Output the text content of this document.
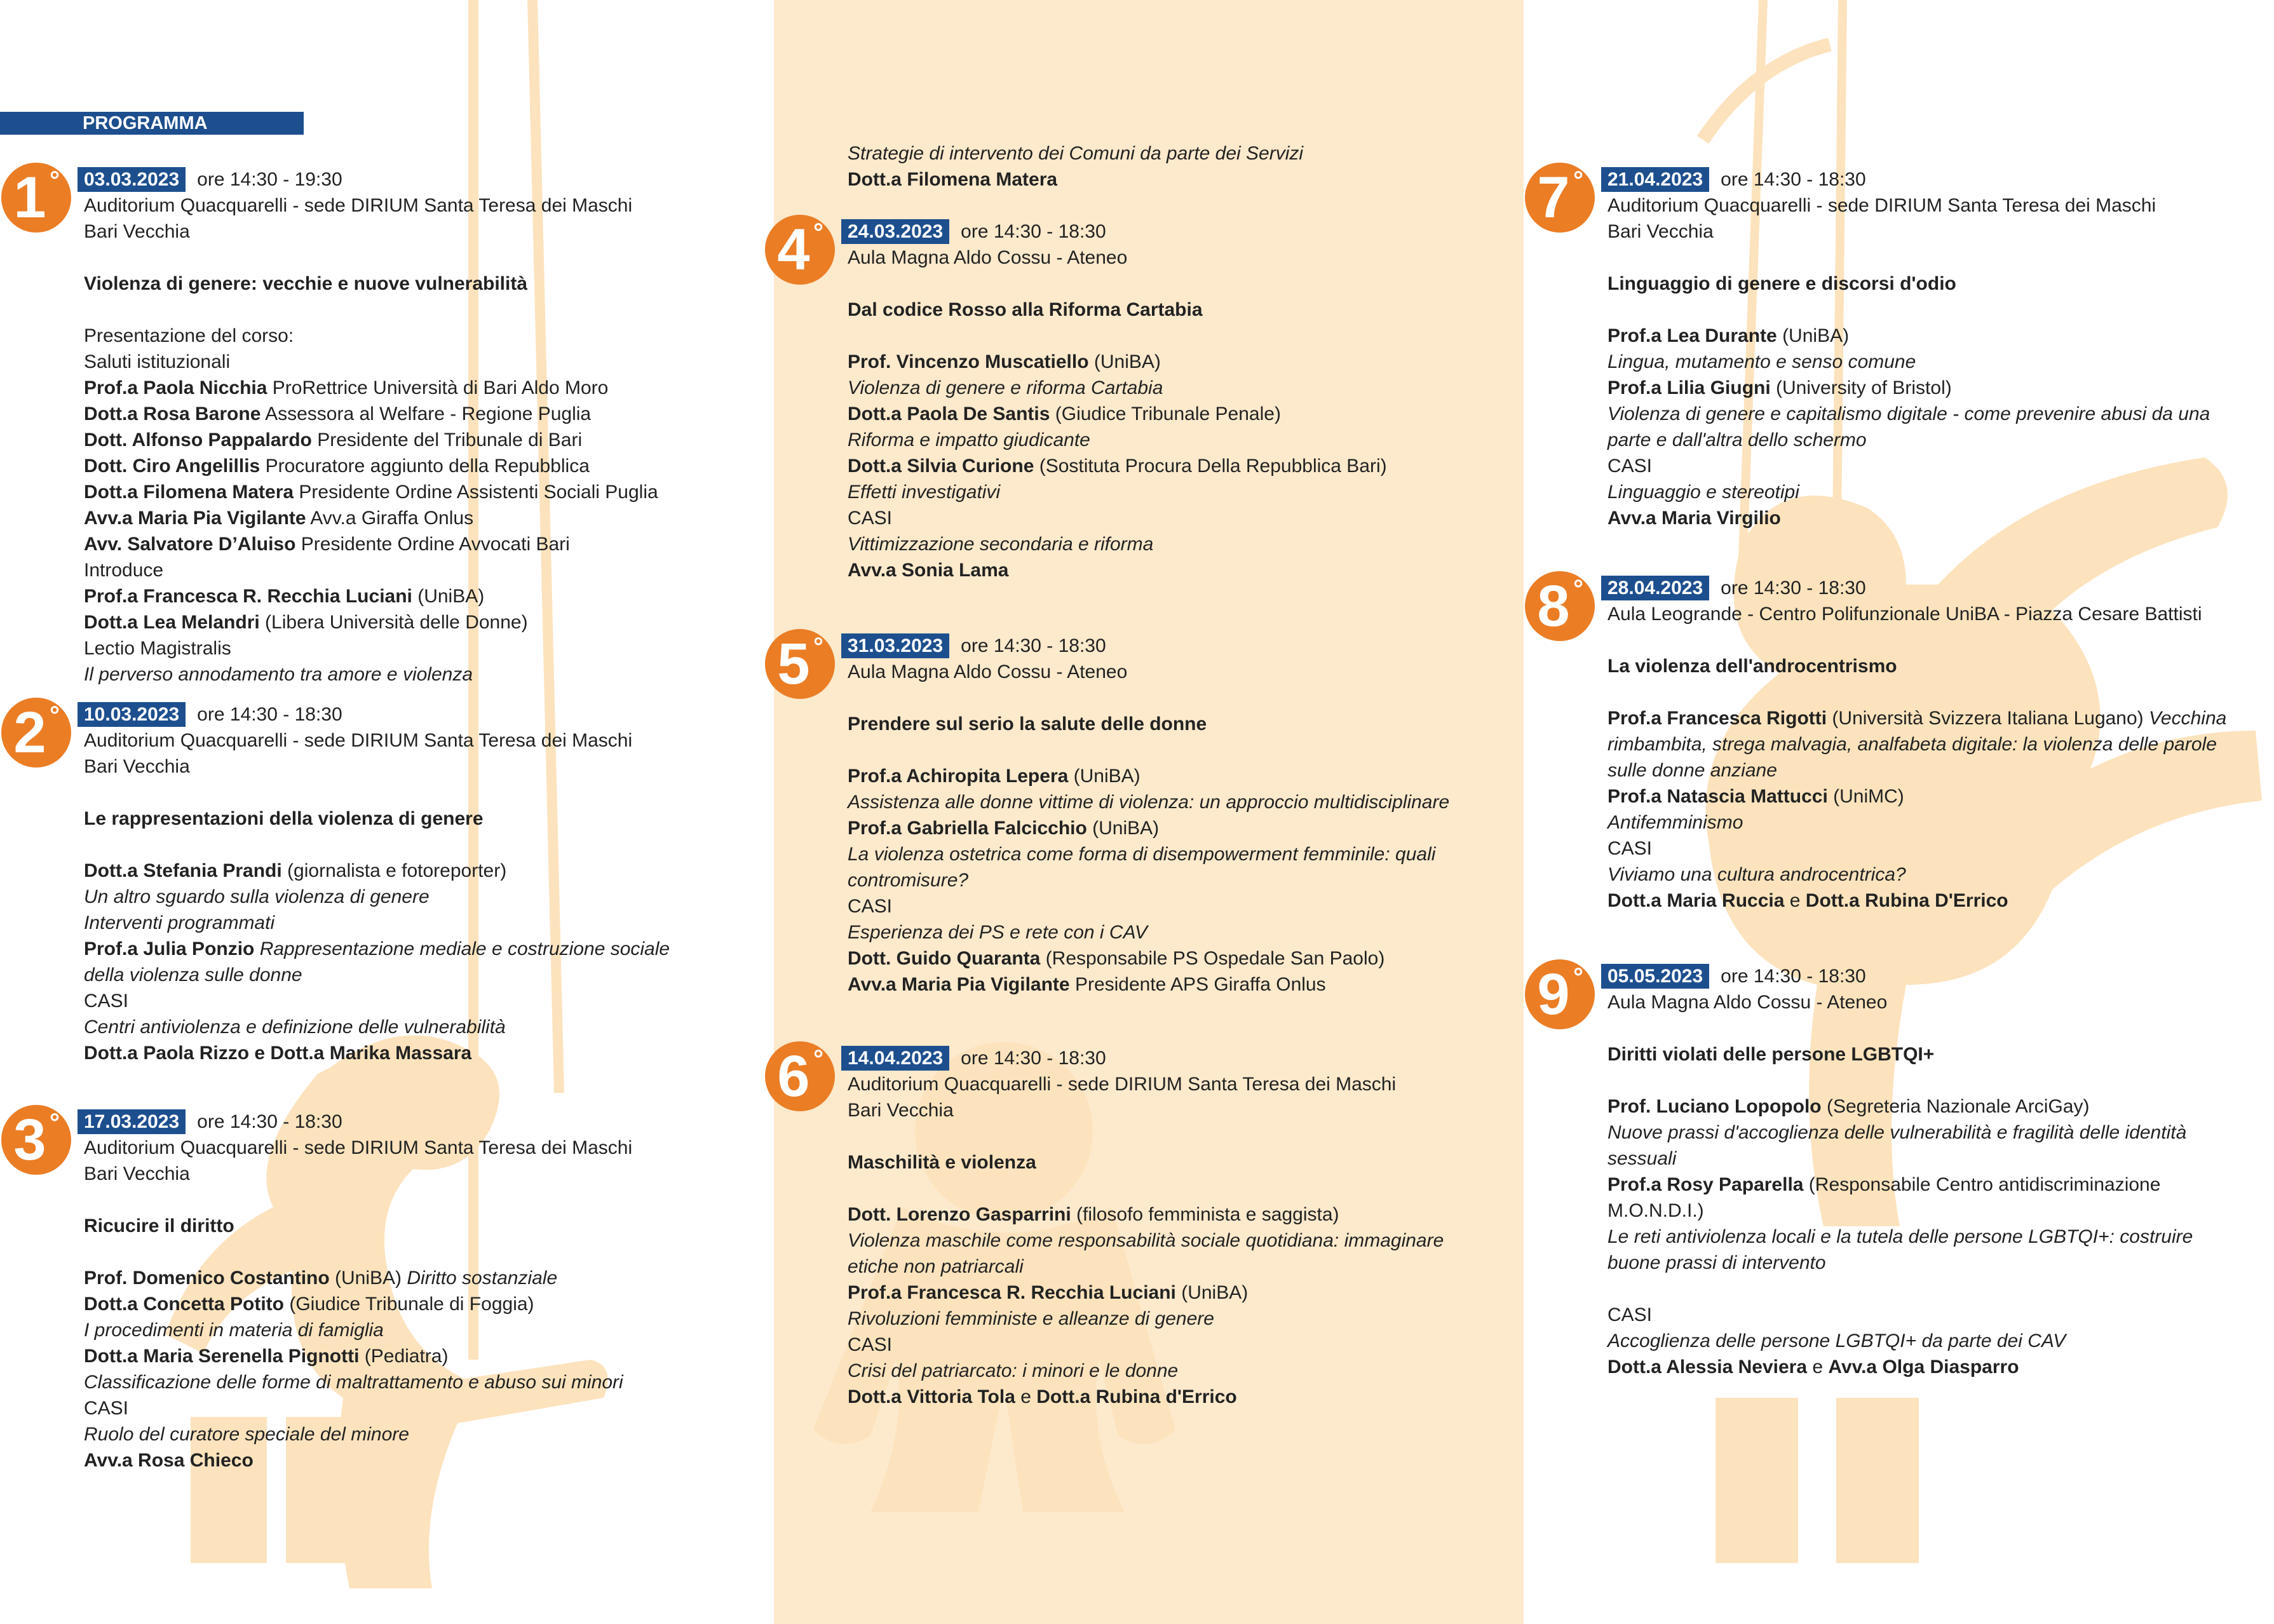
PROGRAMMA
1 °	03.03.2023 ore 14:30 - 19:30
Auditorium Quacquarelli - sede DIRIUM Santa Teresa dei Maschi
Bari Vecchia
Violenza di genere: vecchie e nuove vulnerabilità
Presentazione del corso:
Saluti istituzionali
Prof.a Paola Nicchia ProRettrice Università di Bari Aldo Moro
Dott.a Rosa Barone Assessora al Welfare - Regione Puglia
Dott. Alfonso Pappalardo Presidente del Tribunale di Bari
Dott. Ciro Angelillis Procuratore aggiunto della Repubblica
Dott.a Filomena Matera Presidente Ordine Assistenti Sociali Puglia
Avv.a Maria Pia Vigilante Avv.a Giraffa Onlus
Avv. Salvatore D’Aluiso Presidente Ordine Avvocati Bari
Introduce
Prof.a Francesca R. Recchia Luciani (UniBA)
Dott.a Lea Melandri (Libera Università delle Donne)
Lectio Magistralis
Il perverso annodamento tra amore e violenza
2 °	10.03.2023 ore 14:30 - 18:30
Auditorium Quacquarelli - sede DIRIUM Santa Teresa dei Maschi
Bari Vecchia
Le rappresentazioni della violenza di genere
Dott.a Stefania Prandi (giornalista e fotoreporter)
Un altro sguardo sulla violenza di genere
Interventi programmati
Prof.a Julia Ponzio Rappresentazione mediale e costruzione sociale
della violenza sulle donne
CASI
Centri antiviolenza e definizione delle vulnerabilità
Dott.a Paola Rizzo e Dott.a Marika Massara
3 °	17.03.2023 ore 14:30 - 18:30
Auditorium Quacquarelli - sede DIRIUM Santa Teresa dei Maschi
Bari Vecchia
Ricucire il diritto
Prof. Domenico Costantino (UniBA) Diritto sostanziale
Dott.a Concetta Potito (Giudice Tribunale di Foggia)
I procedimenti in materia di famiglia
Dott.a Maria Serenella Pignotti (Pediatra)
Classificazione delle forme di maltrattamento e abuso sui minori
CASI
Ruolo del curatore speciale del minore
Avv.a Rosa Chieco
Strategie di intervento dei Comuni da parte dei Servizi
Dott.a Filomena Matera
4 °	24.03.2023 ore 14:30 - 18:30
Aula Magna Aldo Cossu - Ateneo
Dal codice Rosso alla Riforma Cartabia
Prof. Vincenzo Muscatiello (UniBA)
Violenza di genere e riforma Cartabia
Dott.a Paola De Santis (Giudice Tribunale Penale)
Riforma e impatto giudicante
Dott.a Silvia Curione (Sostituta Procura Della Repubblica Bari)
Effetti investigativi
CASI
Vittimizzazione secondaria e riforma
Avv.a Sonia Lama
5 °	31.03.2023 ore 14:30 - 18:30
Aula Magna Aldo Cossu - Ateneo
Prendere sul serio la salute delle donne
Prof.a Achiropita Lepera (UniBA)
Assistenza alle donne vittime di violenza: un approccio multidisciplinare
Prof.a Gabriella Falcicchio (UniBA)
La violenza ostetrica come forma di disempowerment femminile: quali
contromisure?
CASI
Esperienza dei PS e rete con i CAV
Dott. Guido Quaranta (Responsabile PS Ospedale San Paolo)
Avv.a Maria Pia Vigilante Presidente APS Giraffa Onlus
6 °	14.04.2023 ore 14:30 - 18:30
Auditorium Quacquarelli - sede DIRIUM Santa Teresa dei Maschi
Bari Vecchia
Maschilità e violenza
Dott. Lorenzo Gasparrini (filosofo femminista e saggista)
Violenza maschile come responsabilità sociale quotidiana: immaginare
etiche non patriarcali
Prof.a Francesca R. Recchia Luciani (UniBA)
Rivoluzioni femministe e alleanze di genere
CASI
Crisi del patriarcato: i minori e le donne
Dott.a Vittoria Tola e Dott.a Rubina d'Errico
7 °	21.04.2023 ore 14:30 - 18:30
Auditorium Quacquarelli - sede DIRIUM Santa Teresa dei Maschi
Bari Vecchia
Linguaggio di genere e discorsi d'odio
Prof.a Lea Durante (UniBA)
Lingua, mutamento e senso comune
Prof.a Lilia Giugni (University of Bristol)
Violenza di genere e capitalismo digitale - come prevenire abusi da una
parte e dall'altra dello schermo
CASI
Linguaggio e stereotipi
Avv.a Maria Virgilio
8 °	28.04.2023 ore 14:30 - 18:30
Aula Leogrande - Centro Polifunzionale UniBA - Piazza Cesare Battisti
La violenza dell'androcentrismo
Prof.a Francesca Rigotti (Università Svizzera Italiana Lugano) Vecchina
rimbambita, strega malvagia, analfabeta digitale: la violenza delle parole
sulle donne anziane
Prof.a Natascia Mattucci (UniMC)
Antifemminismo
CASI
Viviamo una cultura androcentrica?
Dott.a Maria Ruccia e Dott.a Rubina D'Errico
9 °	05.05.2023 ore 14:30 - 18:30
Aula Magna Aldo Cossu - Ateneo
Diritti violati delle persone LGBTQI+
Prof. Luciano Lopopolo (Segreteria Nazionale ArciGay)
Nuove prassi d'accoglienza delle vulnerabilità e fragilità delle identità
sessuali
Prof.a Rosy Paparella (Responsabile Centro antidiscriminazione
M.O.N.D.I.)
Le reti antiviolenza locali e la tutela delle persone LGBTQI+: costruire
buone prassi di intervento
CASI
Accoglienza delle persone LGBTQI+ da parte dei CAV
Dott.a Alessia Neviera e Avv.a Olga Diasparro
